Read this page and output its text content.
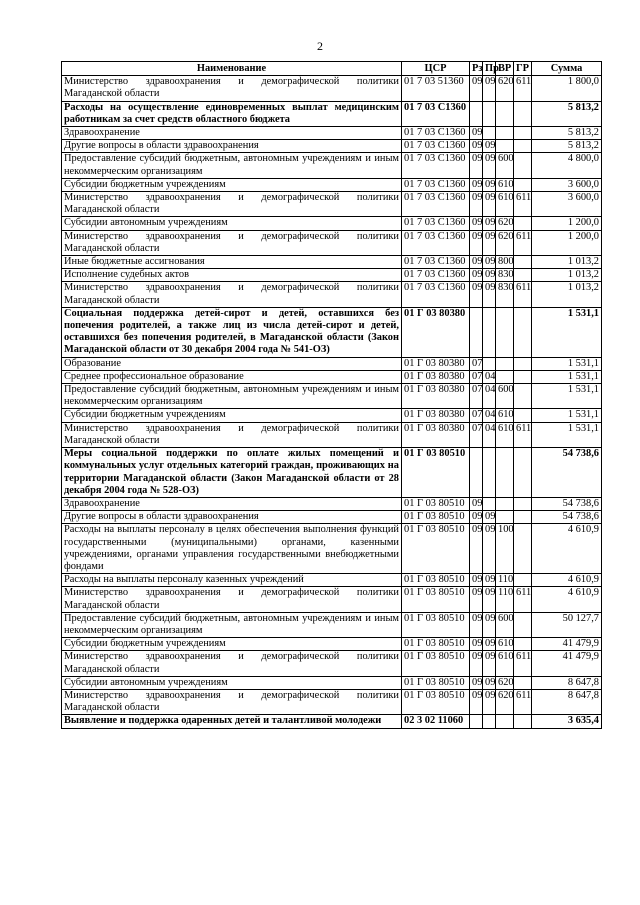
2
Наименование	ЦСР	Рз	Пр	ВР	ГР	Сумма
Министерство здравоохранения и демографической политики Магаданской области	01 7 03 51360	09	09	620	611	1 800,0
Расходы на осуществление единовременных выплат медицинским работникам за счет средств областного бюджета	01 7 03 С1360					5 813,2
Здравоохранение	01 7 03 С1360	09				5 813,2
Другие вопросы в области здравоохранения	01 7 03 С1360	09	09			5 813,2
Предоставление субсидий бюджетным, автономным учреждениям и иным некоммерческим организациям	01 7 03 С1360	09	09	600		4 800,0
Субсидии бюджетным учреждениям	01 7 03 С1360	09	09	610		3 600,0
Министерство здравоохранения и демографической политики Магаданской области	01 7 03 С1360	09	09	610	611	3 600,0
Субсидии автономным учреждениям	01 7 03 С1360	09	09	620		1 200,0
Министерство здравоохранения и демографической политики Магаданской области	01 7 03 С1360	09	09	620	611	1 200,0
Иные бюджетные ассигнования	01 7 03 С1360	09	09	800		1 013,2
Исполнение судебных актов	01 7 03 С1360	09	09	830		1 013,2
Министерство здравоохранения и демографической политики Магаданской области	01 7 03 С1360	09	09	830	611	1 013,2
Социальная поддержка детей-сирот и детей, оставшихся без попечения родителей, а также лиц из числа детей-сирот и детей, оставшихся без попечения родителей, в Магаданской области (Закон Магаданской области от 30 декабря 2004 года № 541-ОЗ)	01 Г 03 80380					1 531,1
Образование	01 Г 03 80380	07				1 531,1
Среднее профессиональное образование	01 Г 03 80380	07	04			1 531,1
Предоставление субсидий бюджетным, автономным учреждениям и иным некоммерческим организациям	01 Г 03 80380	07	04	600		1 531,1
Субсидии бюджетным учреждениям	01 Г 03 80380	07	04	610		1 531,1
Министерство здравоохранения и демографической политики Магаданской области	01 Г 03 80380	07	04	610	611	1 531,1
Меры социальной поддержки по оплате жилых помещений и коммунальных услуг отдельных категорий граждан, проживающих на территории Магаданской области (Закон Магаданской области от 28 декабря 2004 года № 528-ОЗ)	01 Г 03 80510					54 738,6
Здравоохранение	01 Г 03 80510	09				54 738,6
Другие вопросы в области здравоохранения	01 Г 03 80510	09	09			54 738,6
Расходы на выплаты персоналу в целях обеспечения выполнения функций государственными (муниципальными) органами, казенными учреждениями, органами управления государственными внебюджетными фондами	01 Г 03 80510	09	09	100		4 610,9
Расходы на выплаты персоналу казенных учреждений	01 Г 03 80510	09	09	110		4 610,9
Министерство здравоохранения и демографической политики Магаданской области	01 Г 03 80510	09	09	110	611	4 610,9
Предоставление субсидий бюджетным, автономным учреждениям и иным некоммерческим организациям	01 Г 03 80510	09	09	600		50 127,7
Субсидии бюджетным учреждениям	01 Г 03 80510	09	09	610		41 479,9
Министерство здравоохранения и демографической политики Магаданской области	01 Г 03 80510	09	09	610	611	41 479,9
Субсидии автономным учреждениям	01 Г 03 80510	09	09	620		8 647,8
Министерство здравоохранения и демографической политики Магаданской области	01 Г 03 80510	09	09	620	611	8 647,8
Выявление и поддержка одаренных детей и талантливой молодежи	02 3 02 11060					3 635,4
